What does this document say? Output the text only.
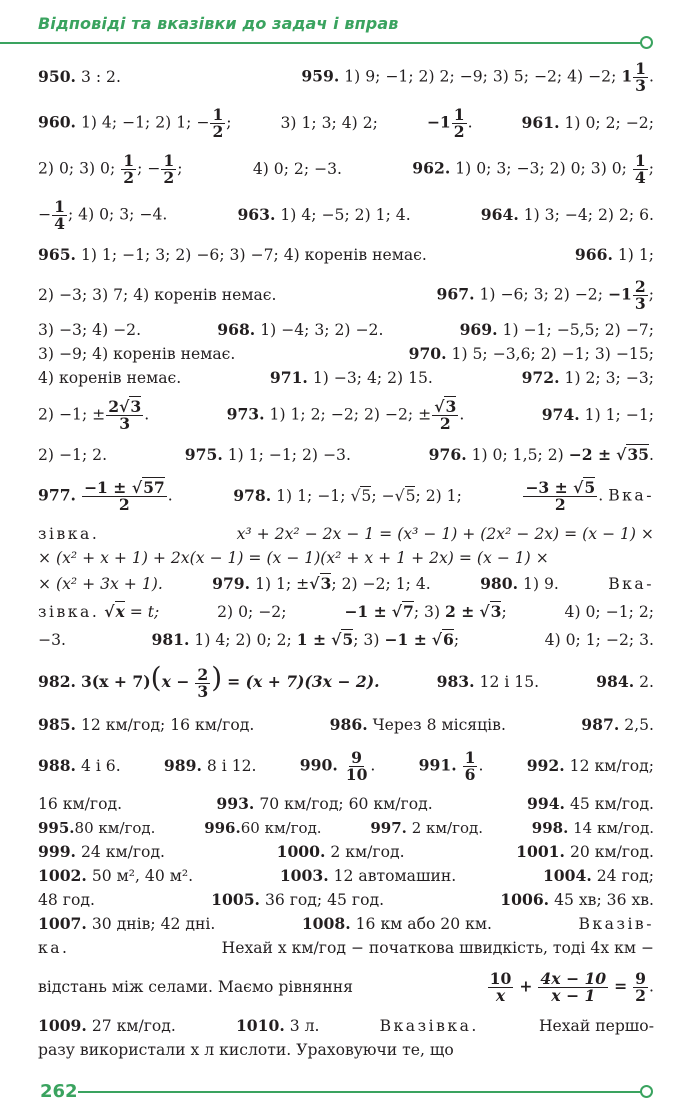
Відповіді та вказівки до задач і вправ
950. 3 : 2.	959. 1) 9; −1; 2) 2; −9; 3) 5; −2; 4) −2; $1 \frac{1}{3}$ .
960. 1) 4; −1; 2) 1; − $\frac{1}{2}$ ;	3) 1; 3; 4) 2;	$-1 \frac{1}{2}$ .	961. 1) 0; 2; −2;
2) 0; 3) 0; $\frac{1}{2}$ ; − $\frac{1}{2}$ ;	4) 0; 2; −3.	962. 1) 0; 3; −3; 2) 0; 3) 0; $\frac{1}{4}$ ;
− $\frac{1}{4}$ ; 4) 0; 3; −4.	963. 1) 4; −5; 2) 1; 4.	964. 1) 3; −4; 2) 2; 6.
965. 1) 1; −1; 3; 2) −6; 3) −7; 4) коренів немає.	966. 1) 1;
2) −3; 3) 7; 4) коренів немає.	967. 1) −6; 3; 2) −2; $-1 \frac{2}{3}$ ;
3) −3; 4) −2.	968. 1) −4; 3; 2) −2.	969. 1) −1; −5,5; 2) −7;
3) −9; 4) коренів немає.	970. 1) 5; −3,6; 2) −1; 3) −15;
4) коренів немає.	971. 1) −3; 4; 2) 15.	972. 1) 2; 3; −3;
2) −1; ± $\frac{2√3}{3}$ .	973. 1) 1; 2; −2; 2) −2; ± $\frac{√3}{2}$ .	974. 1) 1; −1;
2) −1; 2.	975. 1) 1; −1; 2) −3.	976. 1) 0; 1,5; 2) −2 ± √35.
977. $\frac{-1 \pm √57}{2}$ .	978. 1) 1; −1; √5; −√5; 2) 1;	$\frac{-3 \pm √5}{2}$ . Вка-
зівка.	x³ + 2x² − 2x − 1 = (x³ − 1) + (2x² − 2x) = (x − 1) ×
× (x² + x + 1) + 2x(x − 1) = (x − 1)(x² + x + 1 + 2x) = (x − 1) ×
× (x² + 3x + 1).	979. 1) 1; ±√3; 2) −2; 1; 4.	980. 1) 9.	Вка-
зівка. √x = t;	2) 0; −2;	−1 ± √7; 3) 2 ± √3;	4) 0; −1; 2;
−3.	981. 1) 4; 2) 0; 2; 1 ± √5; 3) −1 ± √6;	4) 0; 1; −2; 3.
982. $3(x + 7)(x - \frac{2}{3}$ ) = (x + 7)(3x − 2).	983. 12 і 15.	984. 2.
985. 12 км/год; 16 км/год.	986. Через 8 місяців.	987. 2,5.
988. 4 і 6.	989. 8 і 12.	990. $\frac{9}{10}$ .	991. $\frac{1}{6}$ .	992. 12 км/год;
16 км/год.	993. 70 км/год; 60 км/год.	994. 45 км/год.
995.80 км/год.	996.60 км/год.	997. 2 км/год.	998. 14 км/год.
999. 24 км/год.	1000. 2 км/год.	1001. 20 км/год.
1002. 50 м², 40 м².	1003. 12 автомашин.	1004. 24 год;
48 год.	1005. 36 год; 45 год.	1006. 45 хв; 36 хв.
1007. 30 днів; 42 дні.	1008. 16 км або 20 км.	Вказів-
ка.	Нехай x км/год − початкова швидкість, тоді 4x км −
відстань між селами. Маємо рівняння	$\frac{10}{x} + \frac{4x - 10}{x - 1} = \frac{9}{2}$ .
1009. 27 км/год.	1010. 3 л.	Вказівка.	Нехай першо-
разу використали x л кислоти. Ураховуючи те, що
262
